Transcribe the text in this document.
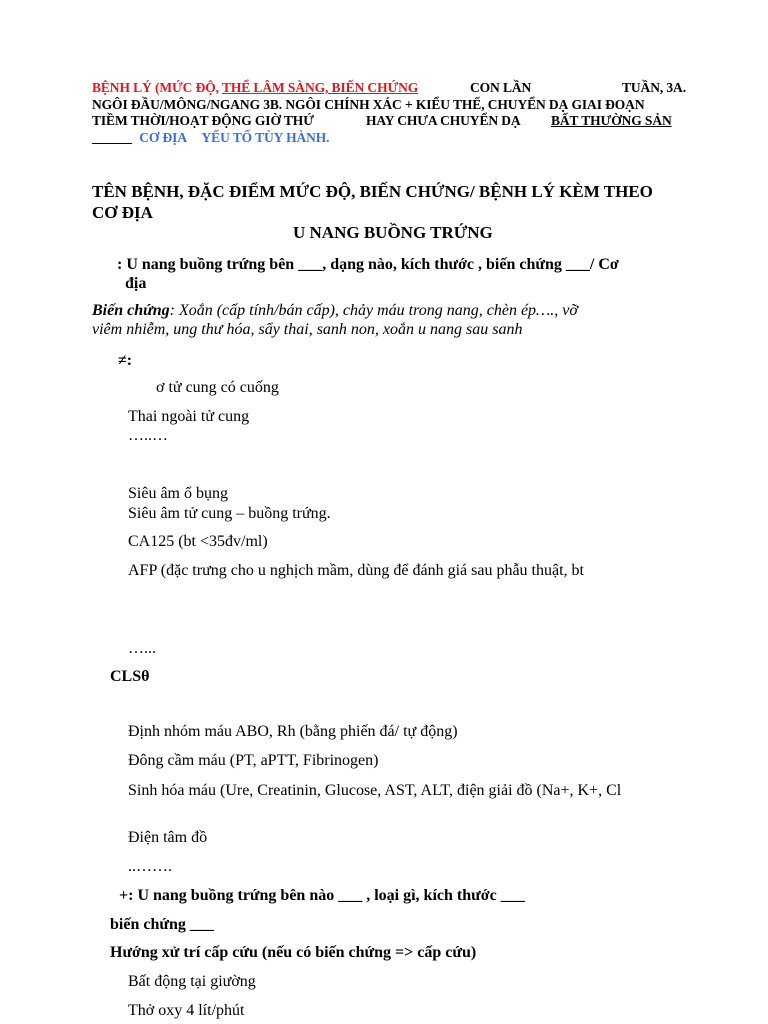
BỆNH LÝ (MỨC ĐỘ, THỂ LÂM SÀNG, BIẾN CHỨNG	CON LẦN	TUẦN, 3A.
NGÔI ĐẦU/MÔNG/NGANG 3B. NGÔI CHÍNH XÁC + KIỂU THẾ, CHUYỂN DẠ GIAI ĐOẠN
TIỀM THỜI/HOẠT ĐỘNG GIỜ THỨ	HAY CHƯA CHUYỂN DẠ BẤT THƯỜNG SẢN
______ CƠ ĐỊA YẾU TỐ TÙY HÀNH.
TÊN BỆNH, ĐẶC ĐIỂM MỨC ĐỘ, BIẾN CHỨNG/ BỆNH LÝ KÈM THEO
CƠ ĐỊA
U NANG BUỒNG TRỨNG
: U nang buồng trứng bên ___, dạng nào, kích thước , biến chứng ___/ Cơ
địa
Biến chứng: Xoắn (cấp tính/bán cấp), chảy máu trong nang, chèn ép…., vỡ
viêm nhiễm, ung thư hóa, sẩy thai, sanh non, xoắn u nang sau sanh
≠:
ơ tử cung có cuống
Thai ngoài tử cung
…..…
Siêu âm ổ bụng
Siêu âm tử cung – buồng trứng.
CA125 (bt <35đv/ml)
AFP (đặc trưng cho u nghịch mầm, dùng để đánh giá sau phẫu thuật, bt
…...
CLSθ
Định nhóm máu ABO, Rh (bằng phiến đá/ tự động)
Đông cầm máu (PT, aPTT, Fibrinogen)
Sinh hóa máu (Ure, Creatinin, Glucose, AST, ALT, điện giải đồ (Na+, K+, Cl
Điện tâm đồ
..…….
+: U nang buồng trứng bên nào ___ , loại gì, kích thước ___
biến chứng ___
Hướng xử trí cấp cứu (nếu có biến chứng => cấp cứu)
Bất động tại giường
Thở oxy 4 lít/phút
